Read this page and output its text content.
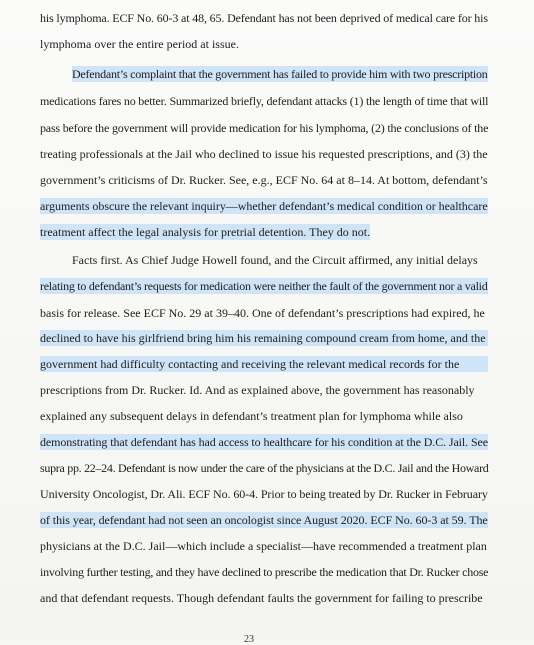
his lymphoma. ECF No. 60-3 at 48, 65. Defendant has not been deprived of medical care for his
lymphoma over the entire period at issue.
Defendant’s complaint that the government has failed to provide him with two prescription
medications fares no better. Summarized briefly, defendant attacks (1) the length of time that will
pass before the government will provide medication for his lymphoma, (2) the conclusions of the
treating professionals at the Jail who declined to issue his requested prescriptions, and (3) the
government’s criticisms of Dr. Rucker. See, e.g., ECF No. 64 at 8–14. At bottom, defendant’s
arguments obscure the relevant inquiry—whether defendant’s medical condition or healthcare
treatment affect the legal analysis for pretrial detention. They do not.
Facts first. As Chief Judge Howell found, and the Circuit affirmed, any initial delays
relating to defendant’s requests for medication were neither the fault of the government nor a valid
basis for release. See ECF No. 29 at 39–40. One of defendant’s prescriptions had expired, he
declined to have his girlfriend bring him his remaining compound cream from home, and the
government had difficulty contacting and receiving the relevant medical records for the
prescriptions from Dr. Rucker. Id. And as explained above, the government has reasonably
explained any subsequent delays in defendant’s treatment plan for lymphoma while also
demonstrating that defendant has had access to healthcare for his condition at the D.C. Jail. See
supra pp. 22–24. Defendant is now under the care of the physicians at the D.C. Jail and the Howard
University Oncologist, Dr. Ali. ECF No. 60-4. Prior to being treated by Dr. Rucker in February
of this year, defendant had not seen an oncologist since August 2020. ECF No. 60-3 at 59. The
physicians at the D.C. Jail—which include a specialist—have recommended a treatment plan
involving further testing, and they have declined to prescribe the medication that Dr. Rucker chose
and that defendant requests. Though defendant faults the government for failing to prescribe
23
